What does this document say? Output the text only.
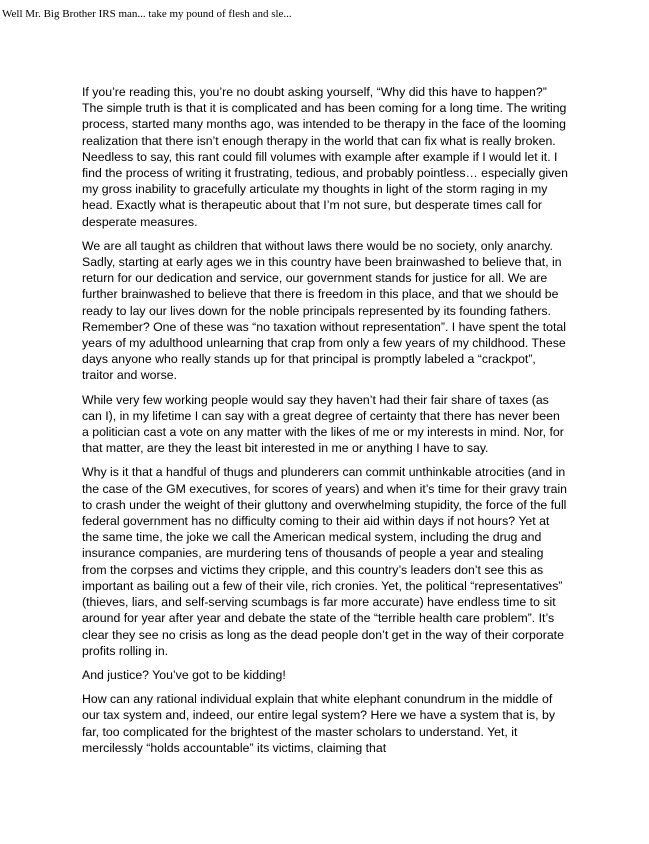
Well Mr. Big Brother IRS man... take my pound of flesh and sle...

If you’re reading this, you’re no doubt asking yourself, “Why did this have to happen?” The simple truth is that it is complicated and has been coming for a long time. The writing process, started many months ago, was intended to be therapy in the face of the looming realization that there isn’t enough therapy in the world that can fix what is really broken. Needless to say, this rant could fill volumes with example after example if I would let it. I find the process of writing it frustrating, tedious, and probably pointless… especially given my gross inability to gracefully articulate my thoughts in light of the storm raging in my head. Exactly what is therapeutic about that I’m not sure, but desperate times call for desperate measures.

We are all taught as children that without laws there would be no society, only anarchy. Sadly, starting at early ages we in this country have been brainwashed to believe that, in return for our dedication and service, our government stands for justice for all. We are further brainwashed to believe that there is freedom in this place, and that we should be ready to lay our lives down for the noble principals represented by its founding fathers. Remember? One of these was “no taxation without representation”. I have spent the total years of my adulthood unlearning that crap from only a few years of my childhood. These days anyone who really stands up for that principal is promptly labeled a “crackpot”, traitor and worse.

While very few working people would say they haven’t had their fair share of taxes (as can I), in my lifetime I can say with a great degree of certainty that there has never been a politician cast a vote on any matter with the likes of me or my interests in mind. Nor, for that matter, are they the least bit interested in me or anything I have to say.

Why is it that a handful of thugs and plunderers can commit unthinkable atrocities (and in the case of the GM executives, for scores of years) and when it’s time for their gravy train to crash under the weight of their gluttony and overwhelming stupidity, the force of the full federal government has no difficulty coming to their aid within days if not hours? Yet at the same time, the joke we call the American medical system, including the drug and insurance companies, are murdering tens of thousands of people a year and stealing from the corpses and victims they cripple, and this country’s leaders don’t see this as important as bailing out a few of their vile, rich cronies. Yet, the political “representatives” (thieves, liars, and self-serving scumbags is far more accurate) have endless time to sit around for year after year and debate the state of the “terrible health care problem”. It’s clear they see no crisis as long as the dead people don’t get in the way of their corporate profits rolling in.

And justice? You’ve got to be kidding!

How can any rational individual explain that white elephant conundrum in the middle of our tax system and, indeed, our entire legal system? Here we have a system that is, by far, too complicated for the brightest of the master scholars to understand. Yet, it mercilessly “holds accountable” its victims, claiming that
